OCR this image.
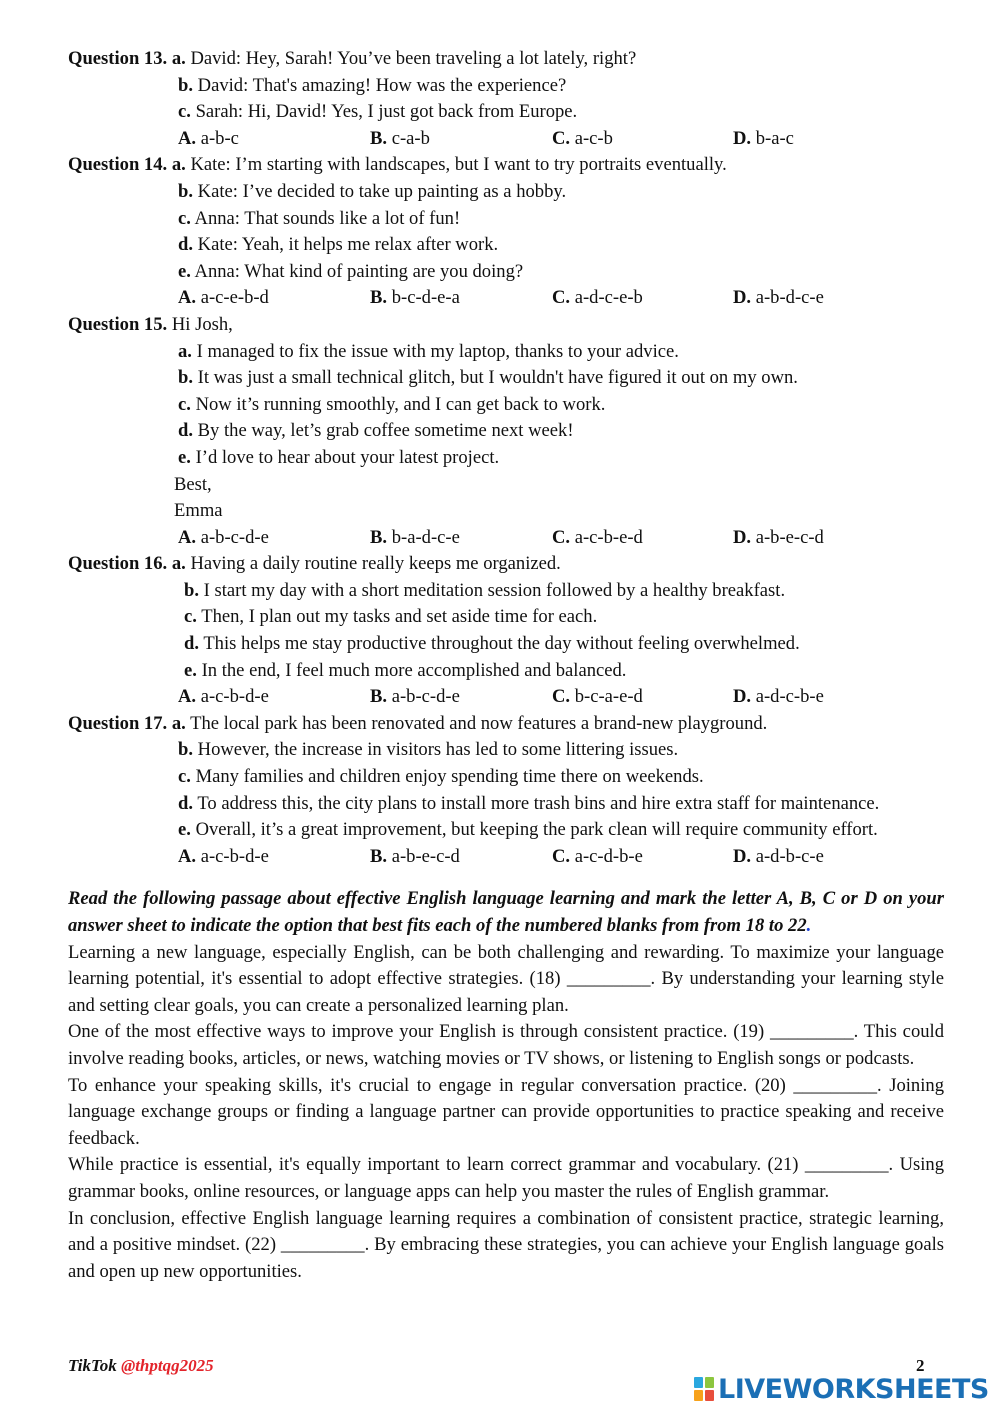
Question 13. a. David: Hey, Sarah! You’ve been traveling a lot lately, right?
b. David: That's amazing! How was the experience?
c. Sarah: Hi, David! Yes, I just got back from Europe.
A. a-b-c	B. c-a-b	C. a-c-b	D. b-a-c
Question 14. a. Kate: I’m starting with landscapes, but I want to try portraits eventually.
b. Kate: I’ve decided to take up painting as a hobby.
c. Anna: That sounds like a lot of fun!
d. Kate: Yeah, it helps me relax after work.
e. Anna: What kind of painting are you doing?
A. a-c-e-b-d	B. b-c-d-e-a	C. a-d-c-e-b	D. a-b-d-c-e
Question 15. Hi Josh,
a. I managed to fix the issue with my laptop, thanks to your advice.
b. It was just a small technical glitch, but I wouldn't have figured it out on my own.
c. Now it’s running smoothly, and I can get back to work.
d. By the way, let’s grab coffee sometime next week!
e. I’d love to hear about your latest project.
Best,
Emma
A. a-b-c-d-e	B. b-a-d-c-e	C. a-c-b-e-d	D. a-b-e-c-d
Question 16. a. Having a daily routine really keeps me organized.
b. I start my day with a short meditation session followed by a healthy breakfast.
c. Then, I plan out my tasks and set aside time for each.
d. This helps me stay productive throughout the day without feeling overwhelmed.
e. In the end, I feel much more accomplished and balanced.
A. a-c-b-d-e	B. a-b-c-d-e	C. b-c-a-e-d	D. a-d-c-b-e
Question 17. a. The local park has been renovated and now features a brand-new playground.
b. However, the increase in visitors has led to some littering issues.
c. Many families and children enjoy spending time there on weekends.
d. To address this, the city plans to install more trash bins and hire extra staff for maintenance.
e. Overall, it’s a great improvement, but keeping the park clean will require community effort.
A. a-c-b-d-e	B. a-b-e-c-d	C. a-c-d-b-e	D. a-d-b-c-e
Read the following passage about effective English language learning and mark the letter A, B, C or D on your answer sheet to indicate the option that best fits each of the numbered blanks from from 18 to 22.
Learning a new language, especially English, can be both challenging and rewarding. To maximize your language learning potential, it's essential to adopt effective strategies. (18) _________. By understanding your learning style and setting clear goals, you can create a personalized learning plan.
One of the most effective ways to improve your English is through consistent practice. (19) _________. This could involve reading books, articles, or news, watching movies or TV shows, or listening to English songs or podcasts.
To enhance your speaking skills, it's crucial to engage in regular conversation practice. (20) _________. Joining language exchange groups or finding a language partner can provide opportunities to practice speaking and receive feedback.
While practice is essential, it's equally important to learn correct grammar and vocabulary. (21) _________. Using grammar books, online resources, or language apps can help you master the rules of English grammar.
In conclusion, effective English language learning requires a combination of consistent practice, strategic learning, and a positive mindset. (22) _________. By embracing these strategies, you can achieve your English language goals and open up new opportunities.
TikTok @thptqg2025	2
LIVEWORKSHEETS
